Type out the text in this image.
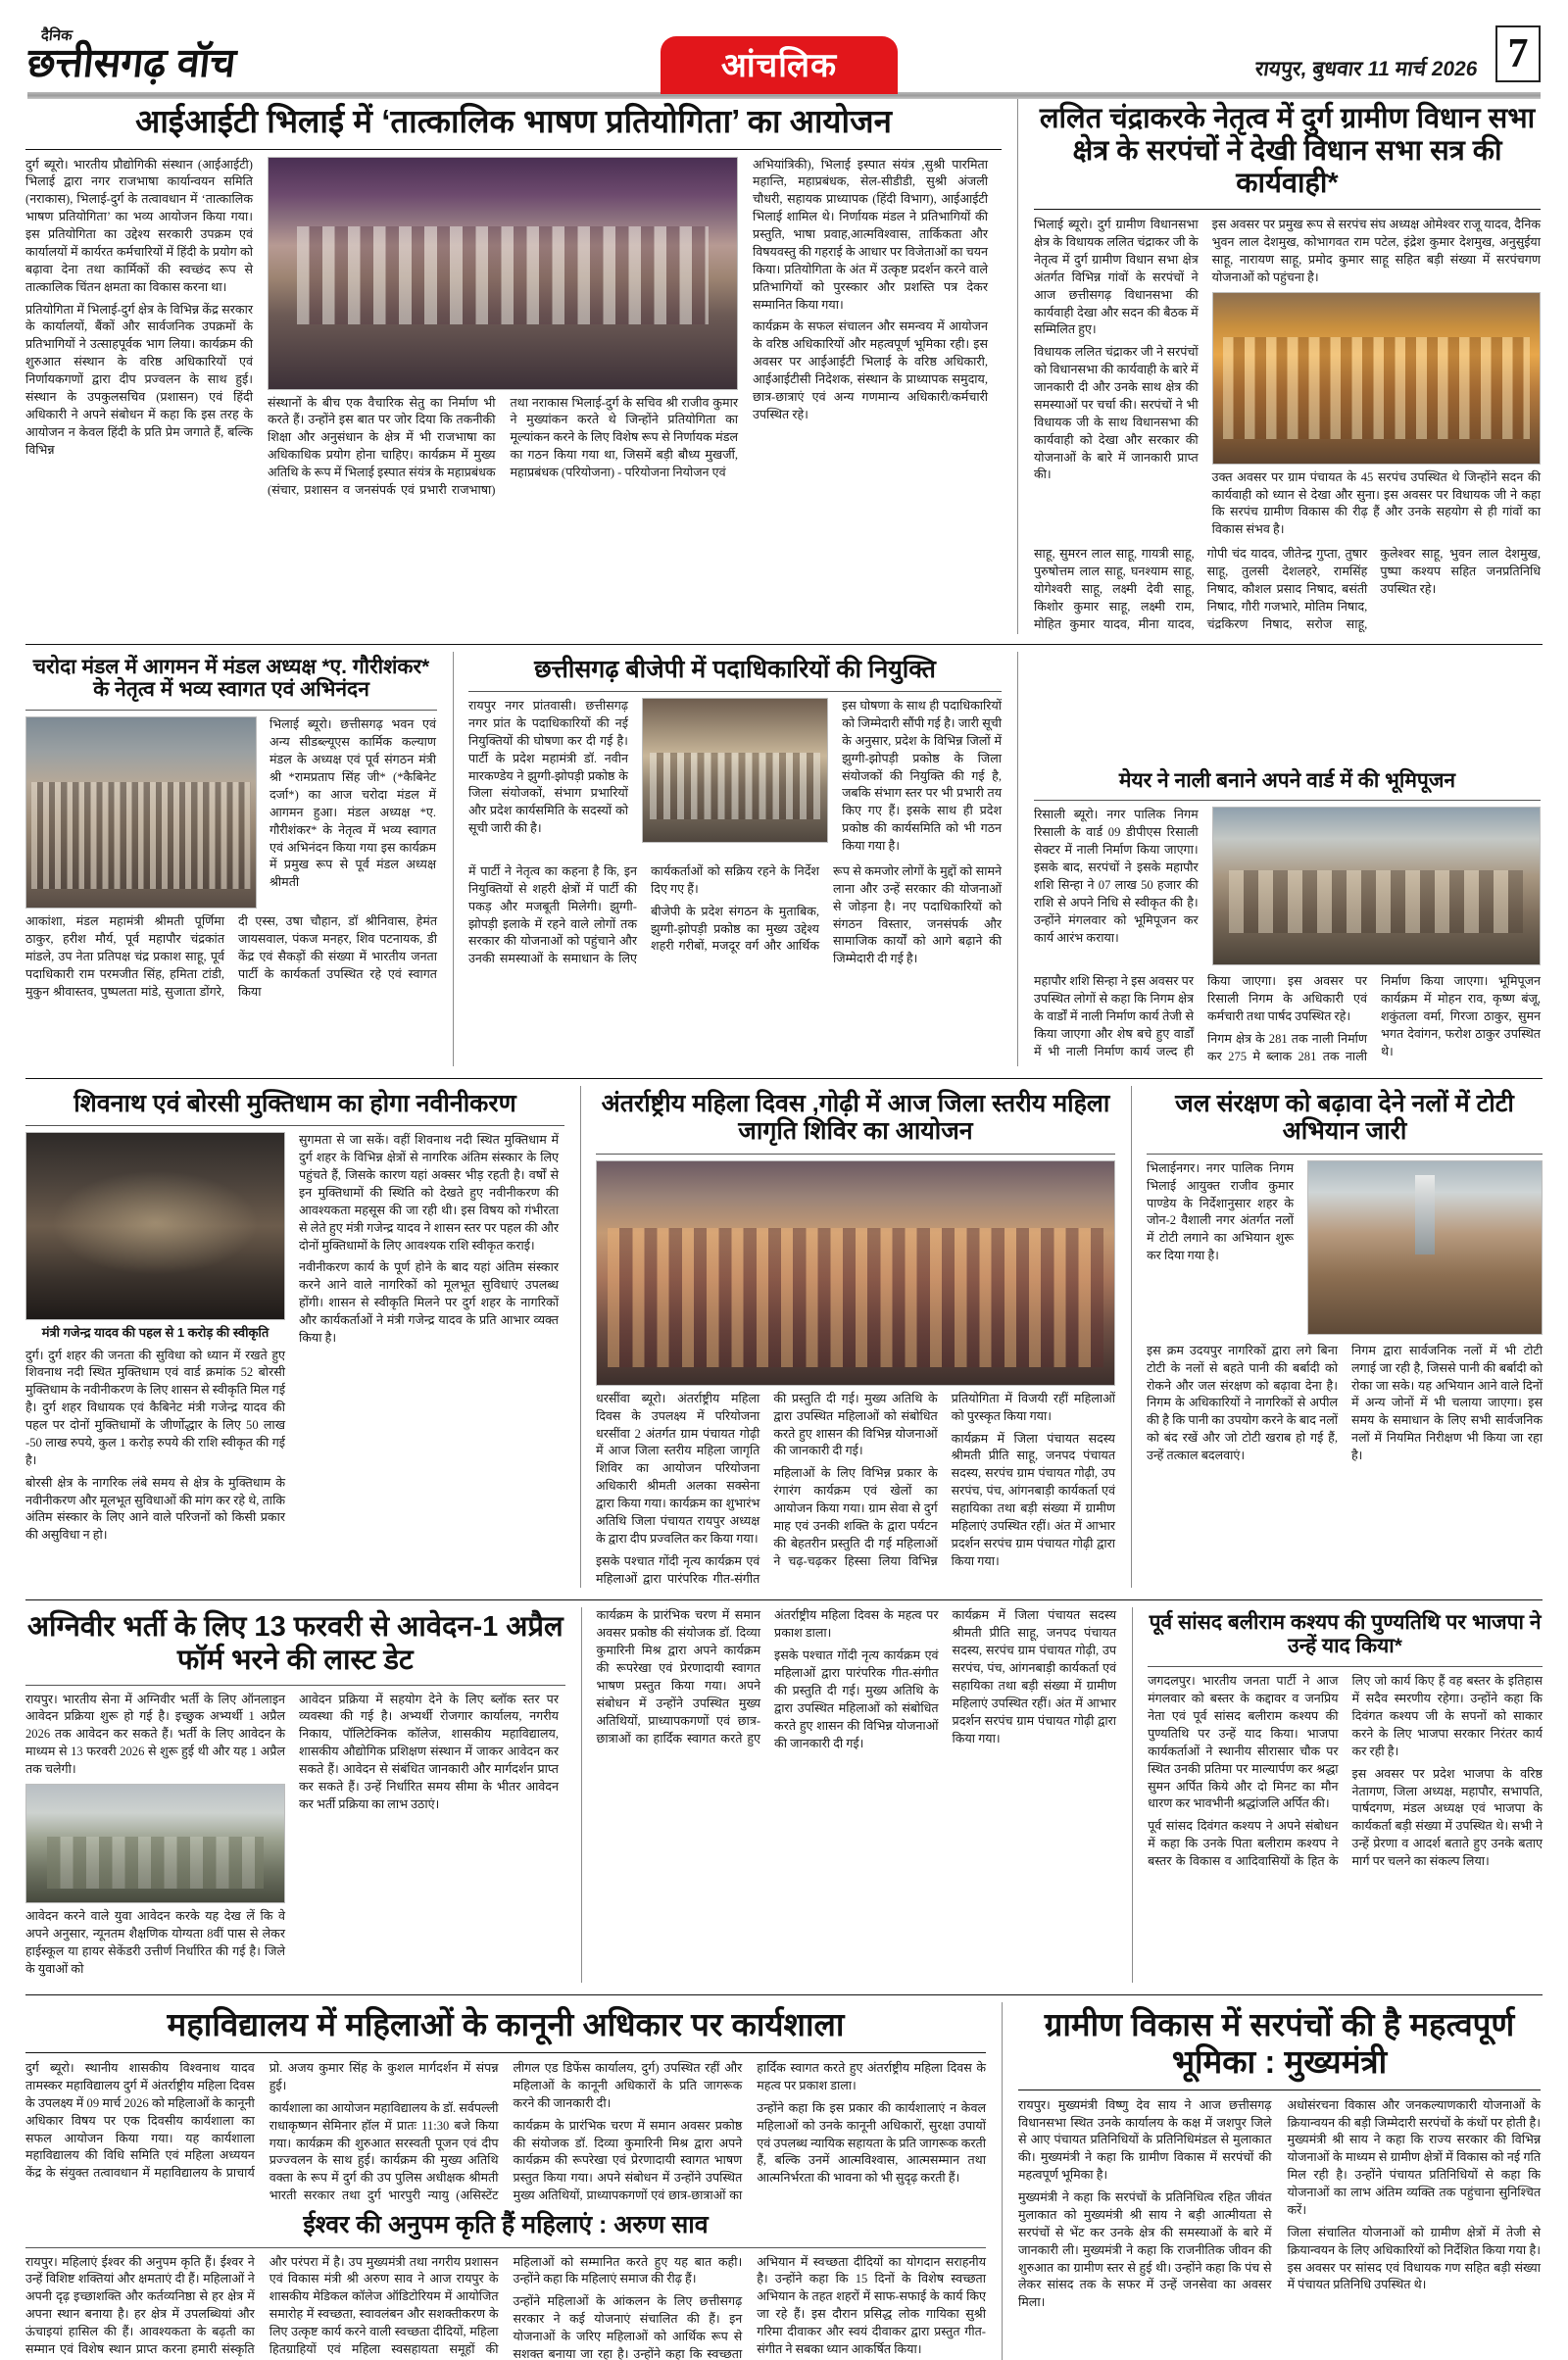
दैनिक
छत्तीसगढ़ वॉच	आंचलिक	रायपुर, बुधवार 11 मार्च 2026 7
आईआईटी भिलाई में ‘तात्कालिक भाषण प्रतियोगिता’ का आयोजन

दुर्ग ब्यूरो। भारतीय प्रौद्योगिकी संस्थान (आईआईटी) भिलाई द्वारा नगर राजभाषा कार्यान्वयन समिति (नराकास), भिलाई-दुर्ग के तत्वावधान में ‘तात्कालिक भाषण प्रतियोगिता’ का भव्य आयोजन किया गया। इस प्रतियोगिता का उद्देश्य सरकारी उपक्रम एवं कार्यालयों में कार्यरत कर्मचारियों में हिंदी के प्रयोग को बढ़ावा देना तथा कार्मिकों की स्वच्छंद रूप से तात्कालिक चिंतन क्षमता का विकास करना था।

प्रतियोगिता में भिलाई-दुर्ग क्षेत्र के विभिन्न केंद्र सरकार के कार्यालयों, बैंकों और सार्वजनिक उपक्रमों के प्रतिभागियों ने उत्साहपूर्वक भाग लिया। कार्यक्रम की शुरुआत संस्थान के वरिष्ठ अधिकारियों एवं निर्णायकगणों द्वारा दीप प्रज्वलन के साथ हुई। संस्थान के उपकुलसचिव (प्रशासन) एवं हिंदी अधिकारी ने अपने संबोधन में कहा कि इस तरह के आयोजन न केवल हिंदी के प्रति प्रेम जगाते हैं, बल्कि विभिन्न

संस्थानों के बीच एक वैचारिक सेतु का निर्माण भी करते हैं। उन्होंने इस बात पर जोर दिया कि तकनीकी शिक्षा और अनुसंधान के क्षेत्र में भी राजभाषा का अधिकाधिक प्रयोग होना चाहिए। कार्यक्रम में मुख्य अतिथि के रूप में भिलाई इस्पात संयंत्र के महाप्रबंधक (संचार, प्रशासन व जनसंपर्क एवं प्रभारी राजभाषा) तथा नराकास भिलाई-दुर्ग के सचिव श्री राजीव कुमार ने मुख्यांकन करते थे जिन्होंने प्रतियोगिता का मूल्यांकन करने के लिए विशेष रूप से निर्णायक मंडल का गठन किया गया था, जिसमें बड़ी बौध्य मुखर्जी, महाप्रबंधक (परियोजना) - परियोजना नियोजन एवं

अभियांत्रिकी), भिलाई इस्पात संयंत्र ,सुश्री पारमिता महान्ति, महाप्रबंधक, सेल-सीडीडी, सुश्री अंजली चौधरी, सहायक प्राध्यापक (हिंदी विभाग), आईआईटी भिलाई शामिल थे। निर्णायक मंडल ने प्रतिभागियों की प्रस्तुति, भाषा प्रवाह,आत्मविश्वास, तार्किकता और विषयवस्तु की गहराई के आधार पर विजेताओं का चयन किया। प्रतियोगिता के अंत में उत्कृष्ट प्रदर्शन करने वाले प्रतिभागियों को पुरस्कार और प्रशस्ति पत्र देकर सम्मानित किया गया।

कार्यक्रम के सफल संचालन और समन्वय में आयोजन के वरिष्ठ अधिकारियों और महत्वपूर्ण भूमिका रही। इस अवसर पर आईआईटी भिलाई के वरिष्ठ अधिकारी, आईआईटीसी निदेशक, संस्थान के प्राध्यापक समुदाय, छात्र-छात्राएं एवं अन्य गणमान्य अधिकारी/कर्मचारी उपस्थित रहे।

ललित चंद्राकरके नेतृत्व में दुर्ग ग्रामीण विधान सभा क्षेत्र के सरपंचों ने देखी विधान सभा सत्र की कार्यवाही*

भिलाई ब्यूरो। दुर्ग ग्रामीण विधानसभा क्षेत्र के विधायक ललित चंद्राकर जी के नेतृत्व में दुर्ग ग्रामीण विधान सभा क्षेत्र अंतर्गत विभिन्न गांवों के सरपंचों ने आज छत्तीसगढ़ विधानसभा की कार्यवाही देखा और सदन की बैठक में सम्मिलित हुए।

विधायक ललित चंद्राकर जी ने सरपंचों को विधानसभा की कार्यवाही के बारे में जानकारी दी और उनके साथ क्षेत्र की समस्याओं पर चर्चा की। सरपंचों ने भी विधायक जी के साथ विधानसभा की कार्यवाही को देखा और सरकार की योजनाओं के बारे में जानकारी प्राप्त की।

इस अवसर पर प्रमुख रूप से सरपंच संघ अध्यक्ष ओमेश्वर राजू यादव, दैनिक भुवन लाल देशमुख, कोभागवत राम पटेल, इंद्रेश कुमार देशमुख, अनुसुईया साहू, नारायण साहू, प्रमोद कुमार साहू सहित बड़ी संख्या में सरपंचगण योजनाओं को पहुंचना है।

उक्त अवसर पर ग्राम पंचायत के 45 सरपंच उपस्थित थे जिन्होंने सदन की कार्यवाही को ध्यान से देखा और सुना। इस अवसर पर विधायक जी ने कहा कि सरपंच ग्रामीण विकास की रीढ़ हैं और उनके सहयोग से ही गांवों का विकास संभव है।

साहू, सुमरन लाल साहू, गायत्री साहू, पुरुषोत्तम लाल साहू, घनश्याम साहू, योगेश्वरी साहू, लक्ष्मी देवी साहू, किशोर कुमार साहू, लक्ष्मी राम, मोहित कुमार यादव, मीना यादव, गोपी चंद यादव, जीतेन्द्र गुप्ता, तुषार साहू, तुलसी देशलहरे, रामसिंह निषाद, कौशल प्रसाद निषाद, बसंती निषाद, गौरी गजभारे, मोतिम निषाद, चंद्रकिरण निषाद, सरोज साहू, कुलेश्वर साहू, भुवन लाल देशमुख, पुष्पा कश्यप सहित जनप्रतिनिधि उपस्थित रहे।

चरोदा मंडल में आगमन में मंडल अध्यक्ष *ए. गौरीशंकर* के नेतृत्व में भव्य स्वागत एवं अभिनंदन

भिलाई ब्यूरो। छत्तीसगढ़ भवन एवं अन्य सीडब्ल्यूएस कार्मिक कल्याण मंडल के अध्यक्ष एवं पूर्व संगठन मंत्री श्री *रामप्रताप सिंह जी* (*कैबिनेट दर्जा*) का आज चरोदा मंडल में आगमन हुआ। मंडल अध्यक्ष *ए. गौरीशंकर* के नेतृत्व में भव्य स्वागत एवं अभिनंदन किया गया इस कार्यक्रम में प्रमुख रूप से पूर्व मंडल अध्यक्ष श्रीमती

आकांशा, मंडल महामंत्री श्रीमती पूर्णिमा ठाकुर, हरीश मौर्य, पूर्व महापौर चंद्रकांत मांडले, उप नेता प्रतिपक्ष चंद्र प्रकाश साहू, पूर्व पदाधिकारी राम परमजीत सिंह, हमिता टांडी, मुकुन श्रीवास्तव, पुष्पलता मांडे, सुजाता डोंगरे, दी एस्स, उषा चौहान, डॉ श्रीनिवास, हेमंत जायसवाल, पंकज मनहर, शिव पटनायक, डी केंद्र एवं सैकड़ों की संख्या में भारतीय जनता पार्टी के कार्यकर्ता उपस्थित रहे एवं स्वागत किया

छत्तीसगढ़ बीजेपी में पदाधिकारियों की नियुक्ति

रायपुर नगर प्रांतवासी। छत्तीसगढ़ नगर प्रांत के पदाधिकारियों की नई नियुक्तियों की घोषणा कर दी गई है। पार्टी के प्रदेश महामंत्री डॉ. नवीन मारकण्डेय ने झुग्गी-झोपड़ी प्रकोष्ठ के जिला संयोजकों, संभाग प्रभारियों और प्रदेश कार्यसमिति के सदस्यों को सूची जारी की है।

इस घोषणा के साथ ही पदाधिकारियों को जिम्मेदारी सौंपी गई है। जारी सूची के अनुसार, प्रदेश के विभिन्न जिलों में झुग्गी-झोपड़ी प्रकोष्ठ के जिला संयोजकों की नियुक्ति की गई है, जबकि संभाग स्तर पर भी प्रभारी तय किए गए हैं। इसके साथ ही प्रदेश प्रकोष्ठ की कार्यसमिति को भी गठन किया गया है।

में पार्टी ने नेतृत्व का कहना है कि, इन नियुक्तियों से शहरी क्षेत्रों में पार्टी की पकड़ और मजबूती मिलेगी। झुग्गी-झोपड़ी इलाके में रहने वाले लोगों तक सरकार की योजनाओं को पहुंचाने और उनकी समस्याओं के समाधान के लिए कार्यकर्ताओं को सक्रिय रहने के निर्देश दिए गए हैं।

बीजेपी के प्रदेश संगठन के मुताबिक, झुग्गी-झोपड़ी प्रकोष्ठ का मुख्य उद्देश्य शहरी गरीबों, मजदूर वर्ग और आर्थिक रूप से कमजोर लोगों के मुद्दों को सामने लाना और उन्हें सरकार की योजनाओं से जोड़ना है। नए पदाधिकारियों को संगठन विस्तार, जनसंपर्क और सामाजिक कार्यों को आगे बढ़ाने की जिम्मेदारी दी गई है।

मेयर ने नाली बनाने अपने वार्ड में की भूमिपूजन

रिसाली ब्यूरो। नगर पालिक निगम रिसाली के वार्ड 09 डीपीएस रिसाली सेक्टर में नाली निर्माण किया जाएगा। इसके बाद, सरपंचों ने इसके महापौर शशि सिन्हा ने 07 लाख 50 हजार की राशि से अपने निधि से स्वीकृत की है। उन्होंने मंगलवार को भूमिपूजन कर कार्य आरंभ कराया।

महापौर शशि सिन्हा ने इस अवसर पर उपस्थित लोगों से कहा कि निगम क्षेत्र के वार्डों में नाली निर्माण कार्य तेजी से किया जाएगा और शेष बचे हुए वार्डों में भी नाली निर्माण कार्य जल्द ही किया जाएगा। इस अवसर पर रिसाली निगम के अधिकारी एवं कर्मचारी तथा पार्षद उपस्थित रहे।

निगम क्षेत्र के 281 तक नाली निर्माण कर 275 मे ब्लाक 281 तक नाली निर्माण किया जाएगा। भूमिपूजन कार्यक्रम में मोहन राव, कृष्ण बंजू, शकुंतला वर्मा, गिरजा ठाकुर, सुमन भगत देवांगन, फरोश ठाकुर उपस्थित थे।

शिवनाथ एवं बोरसी मुक्तिधाम का होगा नवीनीकरण
मंत्री गजेन्द्र यादव की पहल से 1 करोड़ की स्वीकृति

दुर्ग। दुर्ग शहर की जनता की सुविधा को ध्यान में रखते हुए शिवनाथ नदी स्थित मुक्तिधाम एवं वार्ड क्रमांक 52 बोरसी मुक्तिधाम के नवीनीकरण के लिए शासन से स्वीकृति मिल गई है। दुर्ग शहर विधायक एवं कैबिनेट मंत्री गजेन्द्र यादव की पहल पर दोनों मुक्तिधामों के जीर्णोद्धार के लिए 50 लाख -50 लाख रुपये, कुल 1 करोड़ रुपये की राशि स्वीकृत की गई है।

बोरसी क्षेत्र के नागरिक लंबे समय से क्षेत्र के मुक्तिधाम के नवीनीकरण और मूलभूत सुविधाओं की मांग कर रहे थे, ताकि अंतिम संस्कार के लिए आने वाले परिजनों को किसी प्रकार की असुविधा न हो।

सुगमता से जा सकें। वहीं शिवनाथ नदी स्थित मुक्तिधाम में दुर्ग शहर के विभिन्न क्षेत्रों से नागरिक अंतिम संस्कार के लिए पहुंचते हैं, जिसके कारण यहां अक्सर भीड़ रहती है। वर्षों से इन मुक्तिधामों की स्थिति को देखते हुए नवीनीकरण की आवश्यकता महसूस की जा रही थी। इस विषय को गंभीरता से लेते हुए मंत्री गजेन्द्र यादव ने शासन स्तर पर पहल की और दोनों मुक्तिधामों के लिए आवश्यक राशि स्वीकृत कराई।

नवीनीकरण कार्य के पूर्ण होने के बाद यहां अंतिम संस्कार करने आने वाले नागरिकों को मूलभूत सुविधाएं उपलब्ध होंगी। शासन से स्वीकृति मिलने पर दुर्ग शहर के नागरिकों और कार्यकर्ताओं ने मंत्री गजेन्द्र यादव के प्रति आभार व्यक्त किया है।

अंतर्राष्ट्रीय महिला दिवस ,गोढ़ी में आज जिला स्तरीय महिला जागृति शिविर का आयोजन

धरसींवा ब्यूरो। अंतर्राष्ट्रीय महिला दिवस के उपलक्ष्य में परियोजना धरसींवा 2 अंतर्गत ग्राम पंचायत गोढ़ी में आज जिला स्तरीय महिला जागृति शिविर का आयोजन परियोजना अधिकारी श्रीमती अलका सक्सेना द्वारा किया गया। कार्यक्रम का शुभारंभ अतिथि जिला पंचायत रायपुर अध्यक्ष के द्वारा दीप प्रज्वलित कर किया गया।

इसके पश्चात गोंदी नृत्य कार्यक्रम एवं महिलाओं द्वारा पारंपरिक गीत-संगीत की प्रस्तुति दी गई। मुख्य अतिथि के द्वारा उपस्थित महिलाओं को संबोधित करते हुए शासन की विभिन्न योजनाओं की जानकारी दी गई।

महिलाओं के लिए विभिन्न प्रकार के रंगारंग कार्यक्रम एवं खेलों का आयोजन किया गया। ग्राम सेवा से दुर्ग माह एवं उनकी शक्ति के द्वारा पर्यटन की बेहतरीन प्रस्तुति दी गई महिलाओं ने चढ़-चढ़कर हिस्सा लिया विभिन्न प्रतियोगिता में विजयी रहीं महिलाओं को पुरस्कृत किया गया।

कार्यक्रम में जिला पंचायत सदस्य श्रीमती प्रीति साहू, जनपद पंचायत सदस्य, सरपंच ग्राम पंचायत गोढ़ी, उप सरपंच, पंच, आंगनबाड़ी कार्यकर्ता एवं सहायिका तथा बड़ी संख्या में ग्रामीण महिलाएं उपस्थित रहीं। अंत में आभार प्रदर्शन सरपंच ग्राम पंचायत गोढ़ी द्वारा किया गया।

जल संरक्षण को बढ़ावा देने नलों में टोटी अभियान जारी

भिलाईनगर। नगर पालिक निगम भिलाई आयुक्त राजीव कुमार पाण्डेय के निर्देशानुसार शहर के जोन-2 वैशाली नगर अंतर्गत नलों में टोटी लगाने का अभियान शुरू कर दिया गया है।

इस क्रम उदयपुर नागरिकों द्वारा लगे बिना टोटी के नलों से बहते पानी की बर्बादी को रोकने और जल संरक्षण को बढ़ावा देना है। निगम के अधिकारियों ने नागरिकों से अपील की है कि पानी का उपयोग करने के बाद नलों को बंद रखें और जो टोटी खराब हो गई हैं, उन्हें तत्काल बदलवाएं।

निगम द्वारा सार्वजनिक नलों में भी टोटी लगाई जा रही है, जिससे पानी की बर्बादी को रोका जा सके। यह अभियान आने वाले दिनों में अन्य जोनों में भी चलाया जाएगा। इस समय के समाधान के लिए सभी सार्वजनिक नलों में नियमित निरीक्षण भी किया जा रहा है।

अग्निवीर भर्ती के लिए 13 फरवरी से आवेदन-1 अप्रैल फॉर्म भरने की लास्ट डेट

रायपुर। भारतीय सेना में अग्निवीर भर्ती के लिए ऑनलाइन आवेदन प्रक्रिया शुरू हो गई है। इच्छुक अभ्यर्थी 1 अप्रैल 2026 तक आवेदन कर सकते हैं। भर्ती के लिए आवेदन के माध्यम से 13 फरवरी 2026 से शुरू हुई थी और यह 1 अप्रैल तक चलेगी।

आवेदन करने वाले युवा आवेदन करके यह देख लें कि वे अपने अनुसार, न्यूनतम शैक्षणिक योग्यता 8वीं पास से लेकर हाईस्कूल या हायर सेकेंडरी उत्तीर्ण निर्धारित की गई है। जिले के युवाओं को

आवेदन प्रक्रिया में सहयोग देने के लिए ब्लॉक स्तर पर व्यवस्था की गई है। अभ्यर्थी रोजगार कार्यालय, नगरीय निकाय, पॉलिटेक्निक कॉलेज, शासकीय महाविद्यालय, शासकीय औद्योगिक प्रशिक्षण संस्थान में जाकर आवेदन कर सकते हैं। आवेदन से संबंधित जानकारी और मार्गदर्शन प्राप्त कर सकते हैं। उन्हें निर्धारित समय सीमा के भीतर आवेदन कर भर्ती प्रक्रिया का लाभ उठाएं।

कार्यक्रम के प्रारंभिक चरण में समान अवसर प्रकोष्ठ की संयोजक डॉ. दिव्या कुमारिनी मिश्र द्वारा अपने कार्यक्रम की रूपरेखा एवं प्रेरणादायी स्वागत भाषण प्रस्तुत किया गया। अपने संबोधन में उन्होंने उपस्थित मुख्य अतिथियों, प्राध्यापकगणों एवं छात्र-छात्राओं का हार्दिक स्वागत करते हुए अंतर्राष्ट्रीय महिला दिवस के महत्व पर प्रकाश डाला।

इसके पश्चात गोंदी नृत्य कार्यक्रम एवं महिलाओं द्वारा पारंपरिक गीत-संगीत की प्रस्तुति दी गई। मुख्य अतिथि के द्वारा उपस्थित महिलाओं को संबोधित करते हुए शासन की विभिन्न योजनाओं की जानकारी दी गई।

कार्यक्रम में जिला पंचायत सदस्य श्रीमती प्रीति साहू, जनपद पंचायत सदस्य, सरपंच ग्राम पंचायत गोढ़ी, उप सरपंच, पंच, आंगनबाड़ी कार्यकर्ता एवं सहायिका तथा बड़ी संख्या में ग्रामीण महिलाएं उपस्थित रहीं। अंत में आभार प्रदर्शन सरपंच ग्राम पंचायत गोढ़ी द्वारा किया गया।

पूर्व सांसद बलीराम कश्यप की पुण्यतिथि पर भाजपा ने उन्हें याद किया*

जगदलपुर। भारतीय जनता पार्टी ने आज मंगलवार को बस्तर के कद्दावर व जनप्रिय नेता एवं पूर्व सांसद बलीराम कश्यप की पुण्यतिथि पर उन्हें याद किया। भाजपा कार्यकर्ताओं ने स्थानीय सीरासार चौक पर स्थित उनकी प्रतिमा पर माल्यार्पण कर श्रद्धा सुमन अर्पित किये और दो मिनट का मौन धारण कर भावभीनी श्रद्धांजलि अर्पित की।

पूर्व सांसद दिवंगत कश्यप ने अपने संबोधन में कहा कि उनके पिता बलीराम कश्यप ने बस्तर के विकास व आदिवासियों के हित के लिए जो कार्य किए हैं वह बस्तर के इतिहास में सदैव स्मरणीय रहेगा। उन्होंने कहा कि दिवंगत कश्यप जी के सपनों को साकार करने के लिए भाजपा सरकार निरंतर कार्य कर रही है।

इस अवसर पर प्रदेश भाजपा के वरिष्ठ नेतागण, जिला अध्यक्ष, महापौर, सभापति, पार्षदगण, मंडल अध्यक्ष एवं भाजपा के कार्यकर्ता बड़ी संख्या में उपस्थित थे। सभी ने उन्हें प्रेरणा व आदर्श बताते हुए उनके बताए मार्ग पर चलने का संकल्प लिया।

महाविद्यालय में महिलाओं के कानूनी अधिकार पर कार्यशाला

दुर्ग ब्यूरो। स्थानीय शासकीय विश्वनाथ यादव तामस्कर महाविद्यालय दुर्ग में अंतर्राष्ट्रीय महिला दिवस के उपलक्ष्य में 09 मार्च 2026 को महिलाओं के कानूनी अधिकार विषय पर एक दिवसीय कार्यशाला का सफल आयोजन किया गया। यह कार्यशाला महाविद्यालय की विधि समिति एवं महिला अध्ययन केंद्र के संयुक्त तत्वावधान में महाविद्यालय के प्राचार्य प्रो. अजय कुमार सिंह के कुशल मार्गदर्शन में संपन्न हुई।

कार्यशाला का आयोजन महाविद्यालय के डॉ. सर्वपल्ली राधाकृष्णन सेमिनार हॉल में प्रातः 11:30 बजे किया गया। कार्यक्रम की शुरुआत सरस्वती पूजन एवं दीप प्रज्ज्वलन के साथ हुई। कार्यक्रम की मुख्य अतिथि वक्ता के रूप में दुर्ग की उप पुलिस अधीक्षक श्रीमती भारती सरकार तथा दुर्ग भारपुरी न्यायु (असिस्टेंट लीगल एड डिफेंस कार्यालय, दुर्ग) उपस्थित रहीं और महिलाओं के कानूनी अधिकारों के प्रति जागरूक करने की जानकारी दी।

कार्यक्रम के प्रारंभिक चरण में समान अवसर प्रकोष्ठ की संयोजक डॉ. दिव्या कुमारिनी मिश्र द्वारा अपने कार्यक्रम की रूपरेखा एवं प्रेरणादायी स्वागत भाषण प्रस्तुत किया गया। अपने संबोधन में उन्होंने उपस्थित मुख्य अतिथियों, प्राध्यापकगणों एवं छात्र-छात्राओं का हार्दिक स्वागत करते हुए अंतर्राष्ट्रीय महिला दिवस के महत्व पर प्रकाश डाला।

उन्होंने कहा कि इस प्रकार की कार्यशालाएं न केवल महिलाओं को उनके कानूनी अधिकारों, सुरक्षा उपायों एवं उपलब्ध न्यायिक सहायता के प्रति जागरूक करती हैं, बल्कि उनमें आत्मविश्वास, आत्मसम्मान तथा आत्मनिर्भरता की भावना को भी सुदृढ़ करती हैं।

ईश्वर की अनुपम कृति हैं महिलाएं : अरुण साव

रायपुर। महिलाएं ईश्वर की अनुपम कृति हैं। ईश्वर ने उन्हें विशिष्ट शक्तियां और क्षमताएं दी हैं। महिलाओं ने अपनी दृढ़ इच्छाशक्ति और कर्तव्यनिष्ठा से हर क्षेत्र में अपना स्थान बनाया है। हर क्षेत्र में उपलब्धियां और ऊंचाइयां हासिल की हैं। आवश्यकता के बढ़ती का सम्मान एवं विशेष स्थान प्राप्त करना हमारी संस्कृति और परंपरा में है। उप मुख्यमंत्री तथा नगरीय प्रशासन एवं विकास मंत्री श्री अरुण साव ने आज रायपुर के शासकीय मेडिकल कॉलेज ऑडिटोरियम में आयोजित समारोह में स्वच्छता, स्वावलंबन और सशक्तीकरण के लिए उत्कृष्ट कार्य करने वाली स्वच्छता दीदियों, महिला हितग्राहियों एवं महिला स्वसहायता समूहों की महिलाओं को सम्मानित करते हुए यह बात कही। उन्होंने कहा कि महिलाएं समाज की रीढ़ हैं।

उन्होंने महिलाओं के आंकलन के लिए छत्तीसगढ़ सरकार ने कई योजनाएं संचालित की हैं। इन योजनाओं के जरिए महिलाओं को आर्थिक रूप से सशक्त बनाया जा रहा है। उन्होंने कहा कि स्वच्छता अभियान में स्वच्छता दीदियों का योगदान सराहनीय है। उन्होंने कहा कि 15 दिनों के विशेष स्वच्छता अभियान के तहत शहरों में साफ-सफाई के कार्य किए जा रहे हैं। इस दौरान प्रसिद्ध लोक गायिका सुश्री गरिमा दीवाकर और स्वयं दीवाकर द्वारा प्रस्तुत गीत-संगीत ने सबका ध्यान आकर्षित किया।

ग्रामीण विकास में सरपंचों की है महत्वपूर्ण भूमिका : मुख्यमंत्री

रायपुर। मुख्यमंत्री विष्णु देव साय ने आज छत्तीसगढ़ विधानसभा स्थित उनके कार्यालय के कक्ष में जशपुर जिले से आए पंचायत प्रतिनिधियों के प्रतिनिधिमंडल से मुलाकात की। मुख्यमंत्री ने कहा कि ग्रामीण विकास में सरपंचों की महत्वपूर्ण भूमिका है।

मुख्यमंत्री ने कहा कि सरपंचों के प्रतिनिधित्व रहित जीवंत मुलाकात को मुख्यमंत्री श्री साय ने बड़ी आत्मीयता से सरपंचों से भेंट कर उनके क्षेत्र की समस्याओं के बारे में जानकारी ली। मुख्यमंत्री ने कहा कि राजनीतिक जीवन की शुरुआत का ग्रामीण स्तर से हुई थी। उन्होंने कहा कि पंच से लेकर सांसद तक के सफर में उन्हें जनसेवा का अवसर मिला।

अधोसंरचना विकास और जनकल्याणकारी योजनाओं के क्रियान्वयन की बड़ी जिम्मेदारी सरपंचों के कंधों पर होती है। मुख्यमंत्री श्री साय ने कहा कि राज्य सरकार की विभिन्न योजनाओं के माध्यम से ग्रामीण क्षेत्रों में विकास को नई गति मिल रही है। उन्होंने पंचायत प्रतिनिधियों से कहा कि योजनाओं का लाभ अंतिम व्यक्ति तक पहुंचाना सुनिश्चित करें।

जिला संचालित योजनाओं को ग्रामीण क्षेत्रों में तेजी से क्रियान्वयन के लिए अधिकारियों को निर्देशित किया गया है। इस अवसर पर सांसद एवं विधायक गण सहित बड़ी संख्या में पंचायत प्रतिनिधि उपस्थित थे।
